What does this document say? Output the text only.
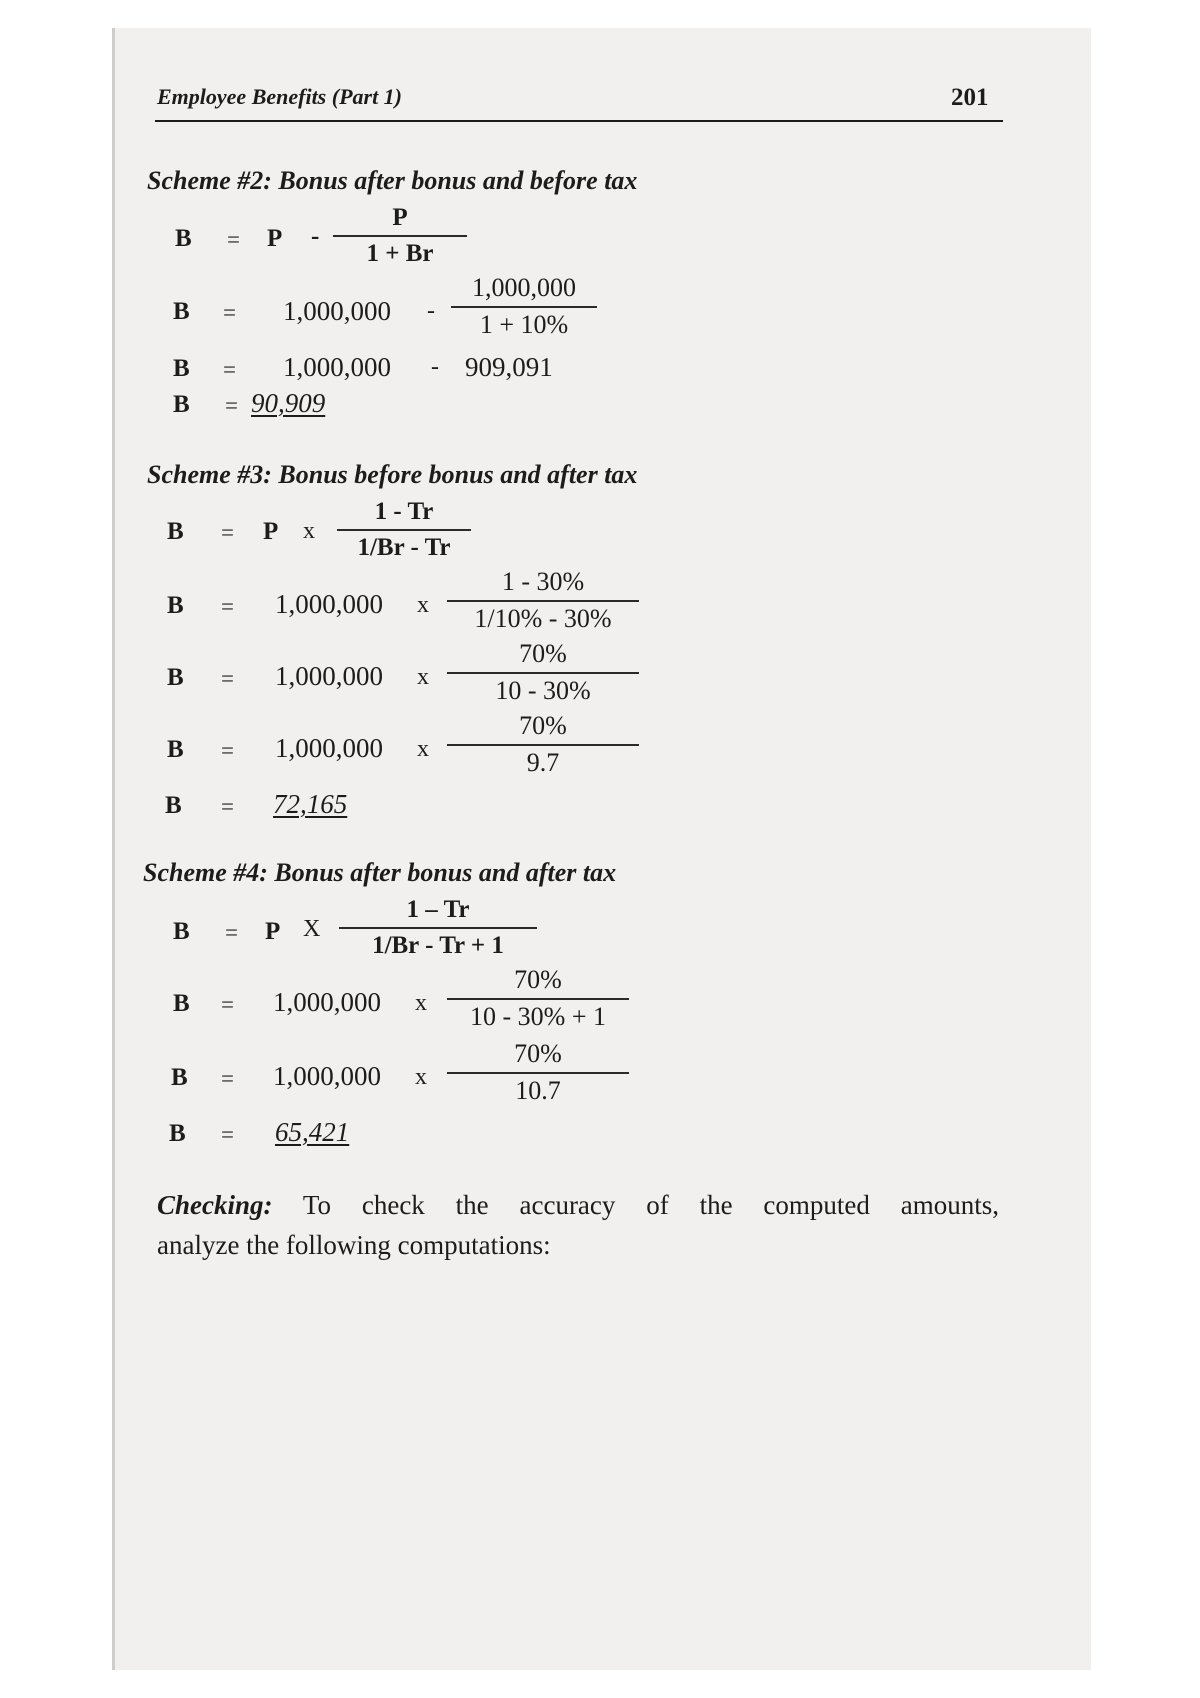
Employee Benefits (Part 1)	201
Scheme #2: Bonus after bonus and before tax
B = P -
P
1 + Br
B = 1,000,000 -
1,000,000
1 + 10%
B = 1,000,000 - 909,091
B = 90,909
Scheme #3: Bonus before bonus and after tax
B = P x
1 - Tr
1/Br - Tr
B = 1,000,000 x
1 - 30%
1/10% - 30%
B = 1,000,000 x
70%
10 - 30%
B = 1,000,000 x
70%
9.7
B = 72,165
Scheme #4: Bonus after bonus and after tax
B = P X
1 – Tr
1/Br - Tr + 1
B = 1,000,000 x
70%
10 - 30% + 1
B = 1,000,000 x
70%
10.7
B = 65,421
Checking: To check the accuracy of the computed amounts,
analyze the following computations:
